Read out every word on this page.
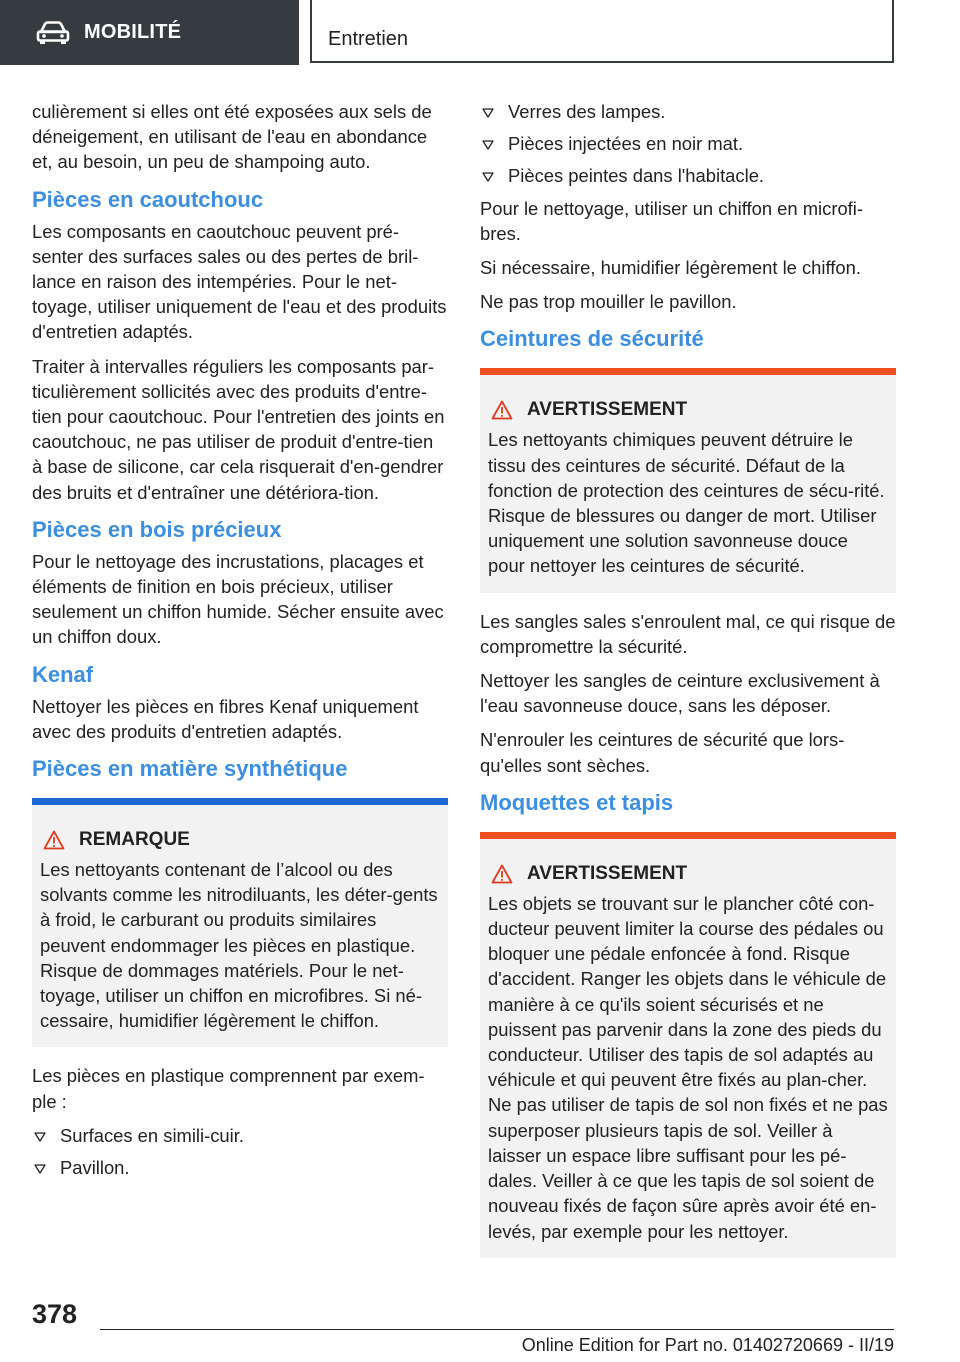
MOBILITÉ	Entretien

culièrement si elles ont été exposées aux sels de déneigement, en utilisant de l'eau en abondance et, au besoin, un peu de shampoing auto.

Pièces en caoutchouc

Les composants en caoutchouc peuvent pré‐senter des surfaces sales ou des pertes de bril‐lance en raison des intempéries. Pour le net‐toyage, utiliser uniquement de l'eau et des produits d'entretien adaptés.

Traiter à intervalles réguliers les composants par‐ticulièrement sollicités avec des produits d'entre‐tien pour caoutchouc. Pour l'entretien des joints en caoutchouc, ne pas utiliser de produit d'entre‐tien à base de silicone, car cela risquerait d'en‐gendrer des bruits et d'entraîner une détériora‐tion.

Pièces en bois précieux

Pour le nettoyage des incrustations, placages et éléments de finition en bois précieux, utiliser seulement un chiffon humide. Sécher ensuite avec un chiffon doux.

Kenaf

Nettoyer les pièces en fibres Kenaf uniquement avec des produits d'entretien adaptés.

Pièces en matière synthétique
REMARQUE

Les nettoyants contenant de l’alcool ou des solvants comme les nitrodiluants, les déter‐gents à froid, le carburant ou produits similaires peuvent endommager les pièces en plastique. Risque de dommages matériels. Pour le net‐toyage, utiliser un chiffon en microfibres. Si né‐cessaire, humidifier légèrement le chiffon.

Les pièces en plastique comprennent par exem‐ple :

Surfaces en simili-cuir.
Pavillon.
Verres des lampes.
Pièces injectées en noir mat.
Pièces peintes dans l'habitacle.

Pour le nettoyage, utiliser un chiffon en microfi‐bres.

Si nécessaire, humidifier légèrement le chiffon.

Ne pas trop mouiller le pavillon.

Ceintures de sécurité
AVERTISSEMENT

Les nettoyants chimiques peuvent détruire le tissu des ceintures de sécurité. Défaut de la fonction de protection des ceintures de sécu‐rité. Risque de blessures ou danger de mort. Utiliser uniquement une solution savonneuse douce pour nettoyer les ceintures de sécurité.

Les sangles sales s'enroulent mal, ce qui risque de compromettre la sécurité.

Nettoyer les sangles de ceinture exclusivement à l'eau savonneuse douce, sans les déposer.

N'enrouler les ceintures de sécurité que lors‐qu'elles sont sèches.

Moquettes et tapis
AVERTISSEMENT

Les objets se trouvant sur le plancher côté con‐ducteur peuvent limiter la course des pédales ou bloquer une pédale enfoncée à fond. Risque d'accident. Ranger les objets dans le véhicule de manière à ce qu'ils soient sécurisés et ne puissent pas parvenir dans la zone des pieds du conducteur. Utiliser des tapis de sol adaptés au véhicule et qui peuvent être fixés au plan‐cher. Ne pas utiliser de tapis de sol non fixés et ne pas superposer plusieurs tapis de sol. Veiller à laisser un espace libre suffisant pour les pé‐dales. Veiller à ce que les tapis de sol soient de nouveau fixés de façon sûre après avoir été en‐levés, par exemple pour les nettoyer.

378
Online Edition for Part no. 01402720669 - II/19
